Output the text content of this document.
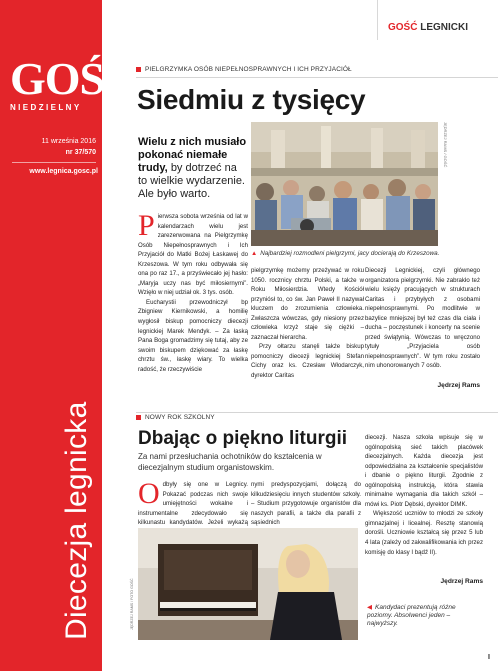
GOŚĆ
NIEDZIELNY
11 września 2016
nr 37/570
www.legnica.gosc.pl
Diecezja legnicka
GOŚĆ LEGNICKI
PIELGRZYMKA OSÓB NIEPEŁNOSPRAWNYCH I ICH PRZYJACIÓŁ
Siedmiu z tysięcy
Wielu z nich musiało pokonać niemałe trudy, by dotrzeć na to wielkie wydarzenie. Ale było warto.
JĘDRZEJ RAMS / GOŚĆ
▲ Najbardziej rozmodleni pielgrzymi, jacy docierają do Krzeszowa.

Pierwsza sobota września od lat w kalendarzach wielu jest zarezerwowana na Pielgrzymkę Osób Niepełnosprawnych i Ich Przyjaciół do Matki Bożej Łaskawej do Krzeszowa. W tym roku odbywała się ona po raz 17., a przyświecało jej hasło: „Maryja uczy nas być miłosiernymi”. Wzięło w niej udział ok. 3 tys. osób.

Eucharystii przewodniczył bp Zbigniew Kiernikowski, a homilię wygłosił biskup pomocniczy diecezji legnickiej Marek Mendyk. – Za łaską Pana Boga gromadzimy się tutaj, aby ze swoim biskupem dziękować za łaskę chrztu św., łaskę wiary. To wielka radość, że rzeczywiście

pielgrzymkę możemy przeżywać w roku 1050. rocznicy chrztu Polski, a także w Roku Miłosierdzia. Wtedy Kościół przyniósł to, co św. Jan Paweł II nazywał kluczem do zrozumienia człowieka. Zwłaszcza wówczas, gdy niesiony przez człowieka krzyż staje się ciężki – zaznaczał hierarcha.

Przy ołtarzu stanęli także biskup pomocniczy diecezji legnickiej Stefan Cichy oraz ks. Czesław Włodarczyk, dyrektor Caritas

Diecezji Legnickiej, czyli głównego organizatora pielgrzymki. Nie zabrakło też wielu księży pracujących w strukturach Caritas i przybyłych z osobami niepełnosprawnymi. Po modlitwie w bazylice mniejszej był też czas dla ciała i ducha – poczęstunek i koncerty na scenie przed świątynią. Wówczas to wręczono tytuły „Przyjaciela osób niepełnosprawnych”. W tym roku zostało nim uhonorowanych 7 osób.

Jędrzej Rams
NOWY ROK SZKOLNY
Dbając o piękno liturgii
Za nami przesłuchania ochotników do kształcenia w diecezjalnym studium organistowskim.

Odbyły się one w Legnicy. Pokazać podczas nich swoje umiejętności wokalne i instrumentalne zdecydowało się kilkunastu kandydatów. Jeżeli wykażą

nymi predyspozycjami, dołączą do kilkudziesięciu innych studentów szkoły. – Studium przygotowuje organistów dla naszych parafii, a także dla parafii z sąsiednich

diecezji. Nasza szkoła wpisuje się w ogólnopolską sieć takich placówek diecezjalnych. Każda diecezja jest odpowiedzialna za kształcenie specjalistów i dbanie o piękno liturgii. Zgodnie z ogólnopolską instrukcją, która stawia minimalne wymagania dla takich szkół – mówi ks. Piotr Dębski, dyrektor DIMK.

Większość uczniów to młodzi ze szkoły gimnazjalnej i licealnej. Resztę stanowią dorośli. Uczniowie kształcą się przez 5 lub 4 lata (zależy od zakwalifikowania ich przez komisję do klasy I bądź II).

Jędrzej Rams
JĘDRZEJ RAMS / FOTO GOŚĆ	◀ Kandydaci prezentują różne poziomy. Absolwenci jeden – najwyższy.
I
